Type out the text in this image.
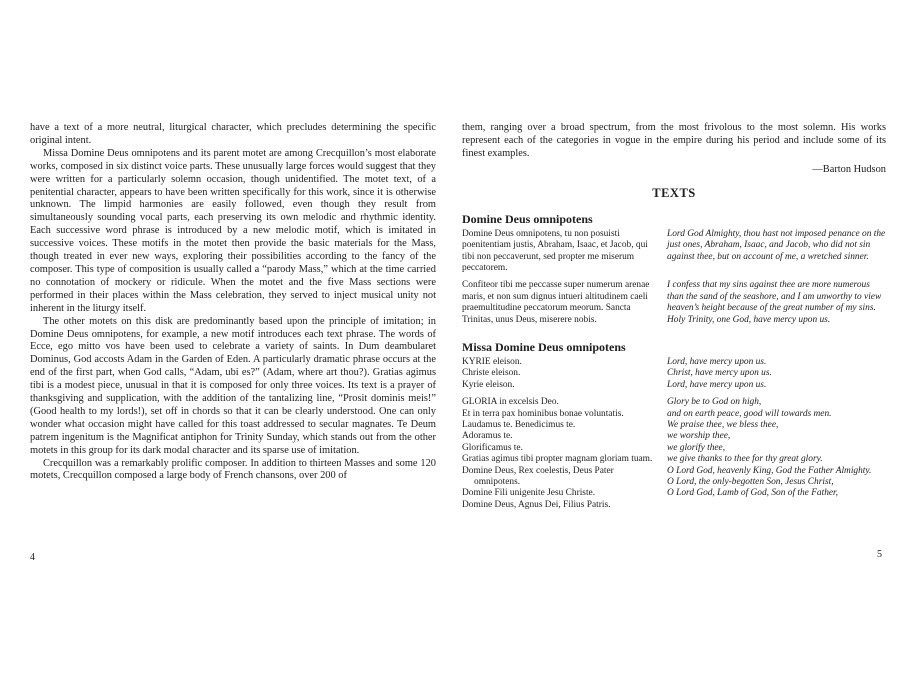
have a text of a more neutral, liturgical character, which precludes determining the specific original intent.

Missa Domine Deus omnipotens and its parent motet are among Crecquillon’s most elaborate works, composed in six distinct voice parts. These unusually large forces would suggest that they were written for a particularly solemn occasion, though unidentified. The motet text, of a penitential character, appears to have been written specifically for this work, since it is otherwise unknown. The limpid harmonies are easily followed, even though they result from simultaneously sounding vocal parts, each preserving its own melodic and rhythmic identity. Each successive word phrase is introduced by a new melodic motif, which is imitated in successive voices. These motifs in the motet then provide the basic materials for the Mass, though treated in ever new ways, exploring their possibilities according to the fancy of the composer. This type of composition is usually called a “parody Mass,” which at the time carried no connotation of mockery or ridicule. When the motet and the five Mass sections were performed in their places within the Mass celebration, they served to inject musical unity not inherent in the liturgy itself.

The other motets on this disk are predominantly based upon the principle of imitation; in Domine Deus omnipotens, for example, a new motif introduces each text phrase. The words of Ecce, ego mitto vos have been used to celebrate a variety of saints. In Dum deambularet Dominus, God accosts Adam in the Garden of Eden. A particularly dramatic phrase occurs at the end of the first part, when God calls, “Adam, ubi es?” (Adam, where art thou?). Gratias agimus tibi is a modest piece, unusual in that it is composed for only three voices. Its text is a prayer of thanksgiving and supplication, with the addition of the tantalizing line, “Prosit dominis meis!” (Good health to my lords!), set off in chords so that it can be clearly understood. One can only wonder what occasion might have called for this toast addressed to secular magnates. Te Deum patrem ingenitum is the Magnificat antiphon for Trinity Sunday, which stands out from the other motets in this group for its dark modal character and its sparse use of imitation.

Crecquillon was a remarkably prolific composer. In addition to thirteen Masses and some 120 motets, Crecquillon composed a large body of French chansons, over 200 of

4

them, ranging over a broad spectrum, from the most frivolous to the most solemn. His works represent each of the categories in vogue in the empire during his period and include some of its finest examples.

—Barton Hudson

TEXTS
Domine Deus omnipotens
Domine Deus omnipotens, tu non posuisti poenitentiam justis, Abraham, Isaac, et Jacob, qui tibi non peccaverunt, sed propter me miserum peccatorem.
Lord God Almighty, thou hast not imposed penance on the just ones, Abraham, Isaac, and Jacob, who did not sin against thee, but on account of me, a wretched sinner.
Confiteor tibi me peccasse super numerum arenae maris, et non sum dignus intueri altitudinem caeli praemultitudine peccatorum meorum. Sancta Trinitas, unus Deus, miserere nobis.
I confess that my sins against thee are more numerous than the sand of the seashore, and I am unworthy to view heaven’s height because of the great number of my sins. Holy Trinity, one God, have mercy upon us.
Missa Domine Deus omnipotens
KYRIE eleison.
Christe eleison.
Kyrie eleison.
Lord, have mercy upon us.
Christ, have mercy upon us.
Lord, have mercy upon us.
GLORIA in excelsis Deo.
Et in terra pax hominibus bonae voluntatis.
Laudamus te. Benedicimus te.
Adoramus te.
Glorificamus te.
Gratias agimus tibi propter magnam gloriam tuam.
Domine Deus, Rex coelestis, Deus Pater omnipotens.
Domine Fili unigenite Jesu Christe.
Domine Deus, Agnus Dei, Filius Patris.
Glory be to God on high,
and on earth peace, good will towards men.
We praise thee, we bless thee,
we worship thee,
we glorify thee,
we give thanks to thee for thy great glory.
O Lord God, heavenly King, God the Father Almighty.
O Lord, the only-begotten Son, Jesus Christ,
O Lord God, Lamb of God, Son of the Father,
5
